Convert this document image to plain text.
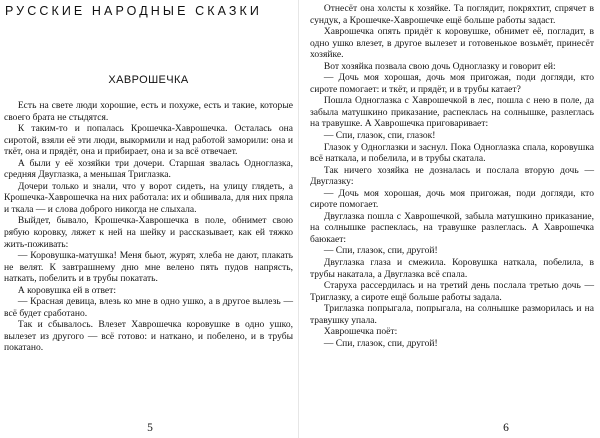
РУССКИЕ НАРОДНЫЕ СКАЗКИ
ХАВРОШЕЧКА

Есть на свете люди хорошие, есть и похуже, есть и такие, которые своего брата не стыдятся.

К таким-то и попалась Крошечка-Хаврошечка. Осталась она сиротой, взяли её эти люди, выкормили и над работой заморили: она и ткёт, она и прядёт, она и прибирает, она и за всё отвечает.

А были у её хозяйки три дочери. Старшая звалась Одноглазка, средняя Двуглазка, а меньшая Триглазка.

Дочери только и знали, что у ворот сидеть, на улицу глядеть, а Крошечка-Хаврошечка на них работала: их и обшивала, для них пряла и ткала — и слова доброго никогда не слыхала.

Выйдет, бывало, Крошечка-Хаврошечка в поле, обнимет свою рябую коровку, ляжет к ней на шейку и рассказывает, как ей тяжко жить-поживать:

— Коровушка-матушка! Меня бьют, журят, хлеба не дают, плакать не велят. К завтрашнему дню мне велено пять пудов напрясть, наткать, побелить и в трубы покатать.

А коровушка ей в ответ:

— Красная девица, влезь ко мне в одно ушко, а в другое вылезь — всё будет сработано.

Так и сбывалось. Влезет Хаврошечка коровушке в одно ушко, вылезет из другого — всё готово: и наткано, и побелено, и в трубы покатано.

5

Отнесёт она холсты к хозяйке. Та поглядит, покряхтит, спрячет в сундук, а Крошечке-Хаврошечке ещё больше работы задаст.

Хаврошечка опять придёт к коровушке, обнимет её, погладит, в одно ушко влезет, в другое вылезет и готовенькое возьмёт, принесёт хозяйке.

Вот хозяйка позвала свою дочь Одноглазку и говорит ей:

— Дочь моя хорошая, дочь моя пригожая, поди догляди, кто сироте помогает: и ткёт, и прядёт, и в трубы катает?

Пошла Одноглазка с Хаврошечкой в лес, пошла с нею в поле, да забыла матушкино приказание, распеклась на солнышке, разлеглась на травушке. А Хаврошечка приговаривает:

— Спи, глазок, спи, глазок!

Глазок у Одноглазки и заснул. Пока Одноглазка спала, коровушка всё наткала, и побелила, и в трубы скатала.

Так ничего хозяйка не дозналась и послала вторую дочь — Двуглазку:

— Дочь моя хорошая, дочь моя пригожая, поди догляди, кто сироте помогает.

Двуглазка пошла с Хаврошечкой, забыла матушкино приказание, на солнышке распеклась, на травушке разлеглась. А Хаврошечка баюкает:

— Спи, глазок, спи, другой!

Двуглазка глаза и смежила. Коровушка наткала, побелила, в трубы накатала, а Двуглазка всё спала.

Старуха рассердилась и на третий день послала третью дочь — Триглазку, а сироте ещё больше работы задала.

Триглазка попрыгала, попрыгала, на солнышке разморилась и на травушку упала.

Хаврошечка поёт:

— Спи, глазок, спи, другой!

6
